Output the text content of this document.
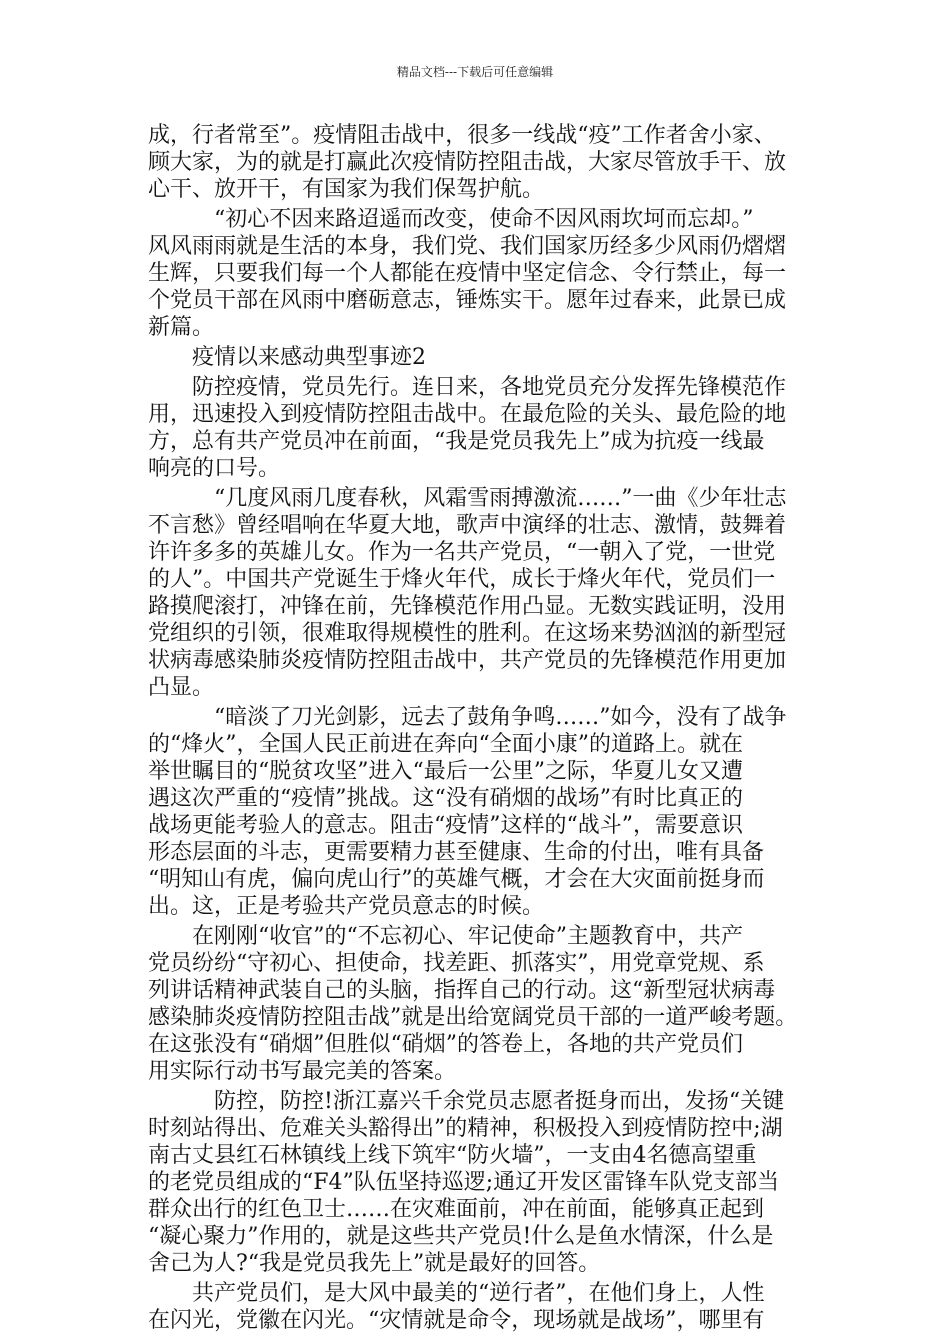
精品文档---下载后可任意编辑
成，行者常至”。疫情阻击战中，很多一线战“疫”工作者舍小家、
顾大家，为的就是打赢此次疫情防控阻击战，大家尽管放手干、放
心干、放开干，有国家为我们保驾护航。
　　　“初心不因来路迢遥而改变，使命不因风雨坎坷而忘却。”
风风雨雨就是生活的本身，我们党、我们国家历经多少风雨仍熠熠
生辉，只要我们每一个人都能在疫情中坚定信念、令行禁止，每一
个党员干部在风雨中磨砺意志，锤炼实干。愿年过春来，此景已成
新篇。
　　疫情以来感动典型事迹2
　　防控疫情，党员先行。连日来，各地党员充分发挥先锋模范作
用，迅速投入到疫情防控阻击战中。在最危险的关头、最危险的地
方，总有共产党员冲在前面，“我是党员我先上”成为抗疫一线最
响亮的口号。
　　　“几度风雨几度春秋，风霜雪雨搏激流……”一曲《少年壮志
不言愁》曾经唱响在华夏大地，歌声中演绎的壮志、激情，鼓舞着
许许多多的英雄儿女。作为一名共产党员，“一朝入了党，一世党
的人”。中国共产党诞生于烽火年代，成长于烽火年代，党员们一
路摸爬滚打，冲锋在前，先锋模范作用凸显。无数实践证明，没用
党组织的引领，很难取得规模性的胜利。在这场来势汹汹的新型冠
状病毒感染肺炎疫情防控阻击战中，共产党员的先锋模范作用更加
凸显。
　　　“暗淡了刀光剑影，远去了鼓角争鸣……”如今，没有了战争
的“烽火”，全国人民正前进在奔向“全面小康”的道路上。就在
举世瞩目的“脱贫攻坚”进入“最后一公里”之际，华夏儿女又遭
遇这次严重的“疫情”挑战。这“没有硝烟的战场”有时比真正的
战场更能考验人的意志。阻击“疫情”这样的“战斗”，需要意识
形态层面的斗志，更需要精力甚至健康、生命的付出，唯有具备
“明知山有虎，偏向虎山行”的英雄气概，才会在大灾面前挺身而
出。这，正是考验共产党员意志的时候。
　　在刚刚“收官”的“不忘初心、牢记使命”主题教育中，共产
党员纷纷“守初心、担使命，找差距、抓落实”，用党章党规、系
列讲话精神武装自己的头脑，指挥自己的行动。这“新型冠状病毒
感染肺炎疫情防控阻击战”就是出给宽阔党员干部的一道严峻考题。
在这张没有“硝烟”但胜似“硝烟”的答卷上，各地的共产党员们
用实际行动书写最完美的答案。
　　　防控，防控!浙江嘉兴千余党员志愿者挺身而出，发扬“关键
时刻站得出、危难关头豁得出”的精神，积极投入到疫情防控中;湖
南古丈县红石林镇线上线下筑牢“防火墙”，一支由4名德高望重
的老党员组成的“F4”队伍坚持巡逻;通辽开发区雷锋车队党支部当
群众出行的红色卫士……在灾难面前，冲在前面，能够真正起到
“凝心聚力”作用的，就是这些共产党员!什么是鱼水情深，什么是
舍己为人?“我是党员我先上”就是最好的回答。
　　共产党员们，是大风中最美的“逆行者”，在他们身上，人性
在闪光，党徽在闪光。“灾情就是命令，现场就是战场”，哪里有
